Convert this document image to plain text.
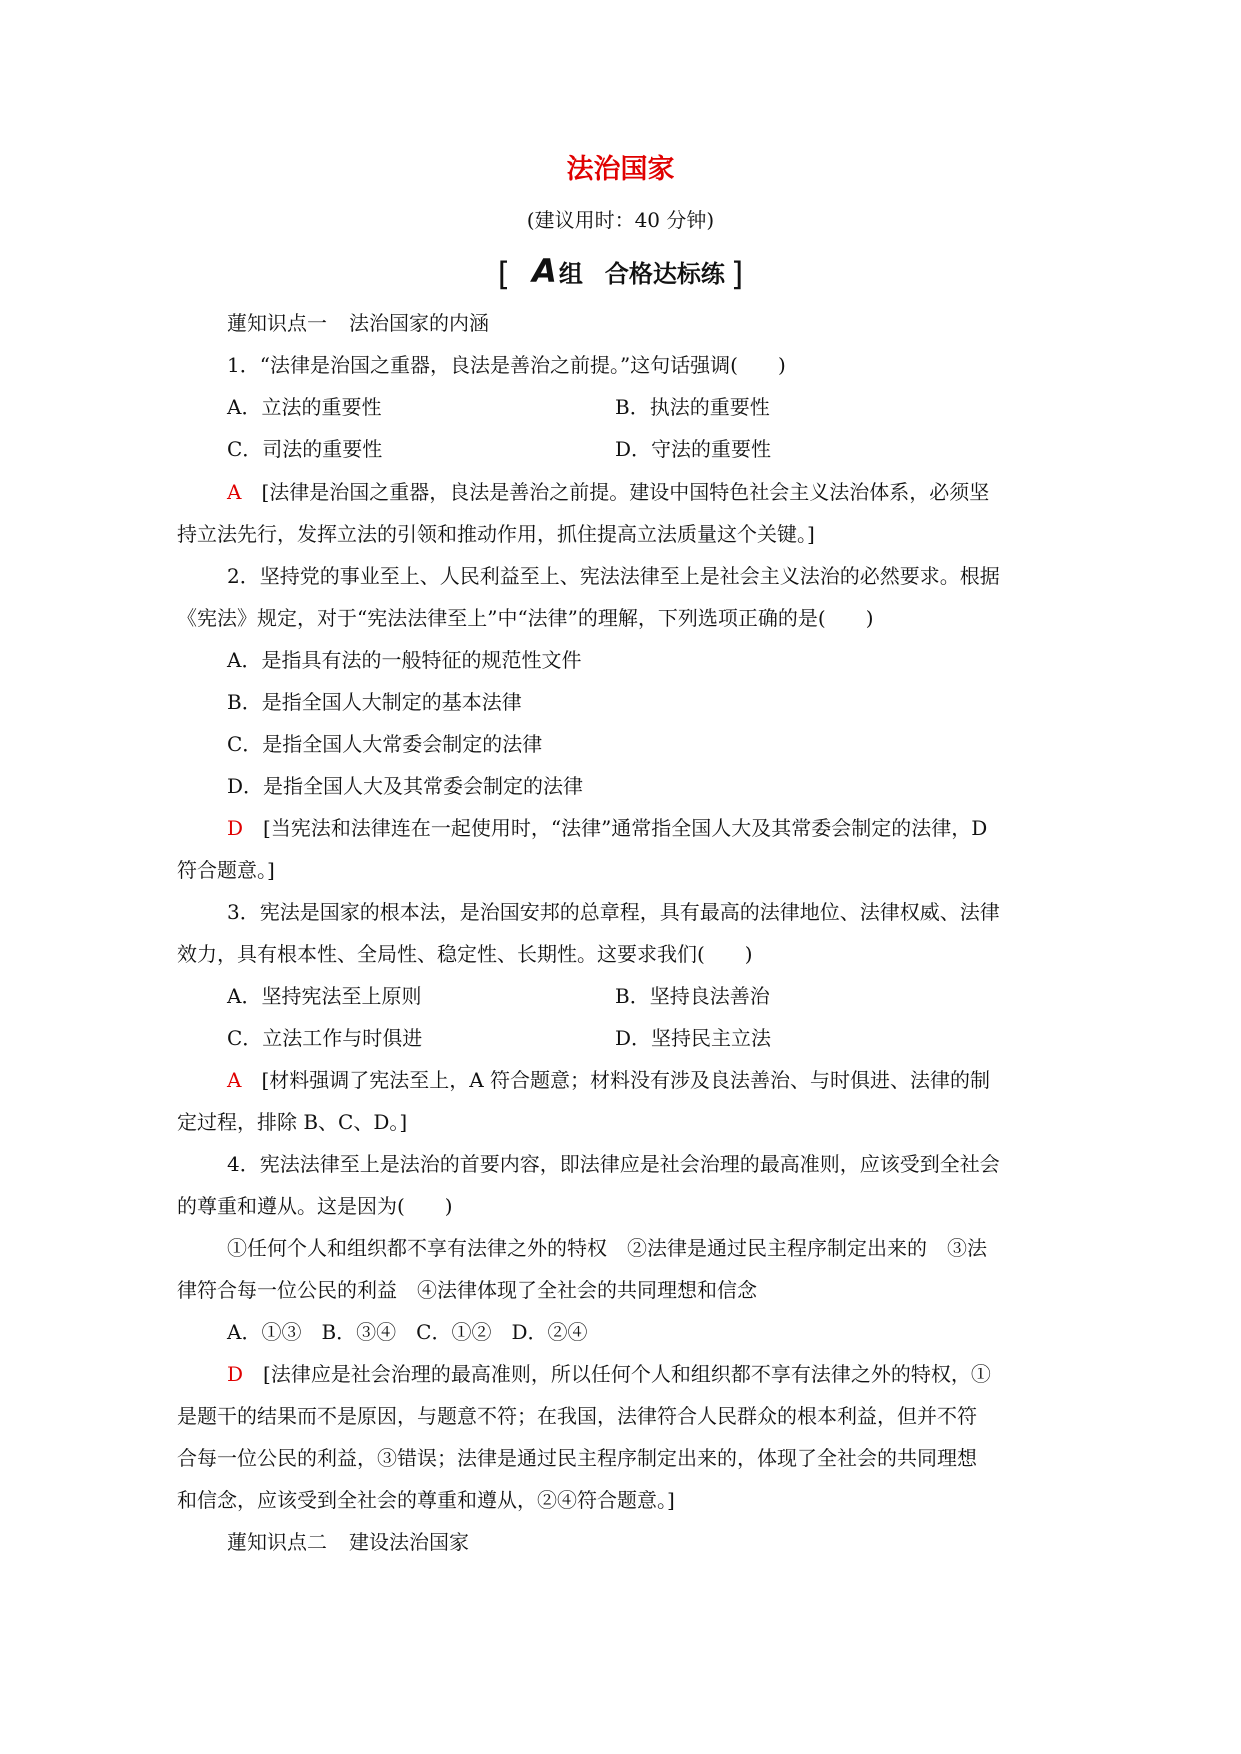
法治国家
(建议用时：40 分钟)
[ A组 合格达标练 ]
蓮知识点一 法治国家的内涵
1．“法律是治国之重器，良法是善治之前提。”这句话强调(　　)
A．立法的重要性	B．执法的重要性
C．司法的重要性	D．守法的重要性
A　 [法律是治国之重器，良法是善治之前提。建设中国特色社会主义法治体系，必须坚
持立法先行，发挥立法的引领和推动作用，抓住提高立法质量这个关键。]
2．坚持党的事业至上、人民利益至上、宪法法律至上是社会主义法治的必然要求。根据
《宪法》规定，对于“宪法法律至上”中“法律”的理解，下列选项正确的是(　　)
A．是指具有法的一般特征的规范性文件
B．是指全国人大制定的基本法律
C．是指全国人大常委会制定的法律
D．是指全国人大及其常委会制定的法律
D　 [当宪法和法律连在一起使用时，“法律”通常指全国人大及其常委会制定的法律，D
符合题意。]
3．宪法是国家的根本法，是治国安邦的总章程，具有最高的法律地位、法律权威、法律
效力，具有根本性、全局性、稳定性、长期性。这要求我们(　　)
A．坚持宪法至上原则	B．坚持良法善治
C．立法工作与时俱进	D．坚持民主立法
A　 [材料强调了宪法至上，A 符合题意；材料没有涉及良法善治、与时俱进、法律的制
定过程，排除 B、C、D。]
4．宪法法律至上是法治的首要内容，即法律应是社会治理的最高准则，应该受到全社会
的尊重和遵从。这是因为(　　)
①任何个人和组织都不享有法律之外的特权　②法律是通过民主程序制定出来的　③法
律符合每一位公民的利益　④法律体现了全社会的共同理想和信念
A．①③　B．③④　C．①②　D．②④
D　 [法律应是社会治理的最高准则，所以任何个人和组织都不享有法律之外的特权，①
是题干的结果而不是原因，与题意不符；在我国，法律符合人民群众的根本利益，但并不符
合每一位公民的利益，③错误；法律是通过民主程序制定出来的，体现了全社会的共同理想
和信念，应该受到全社会的尊重和遵从，②④符合题意。]
蓮知识点二 建设法治国家
